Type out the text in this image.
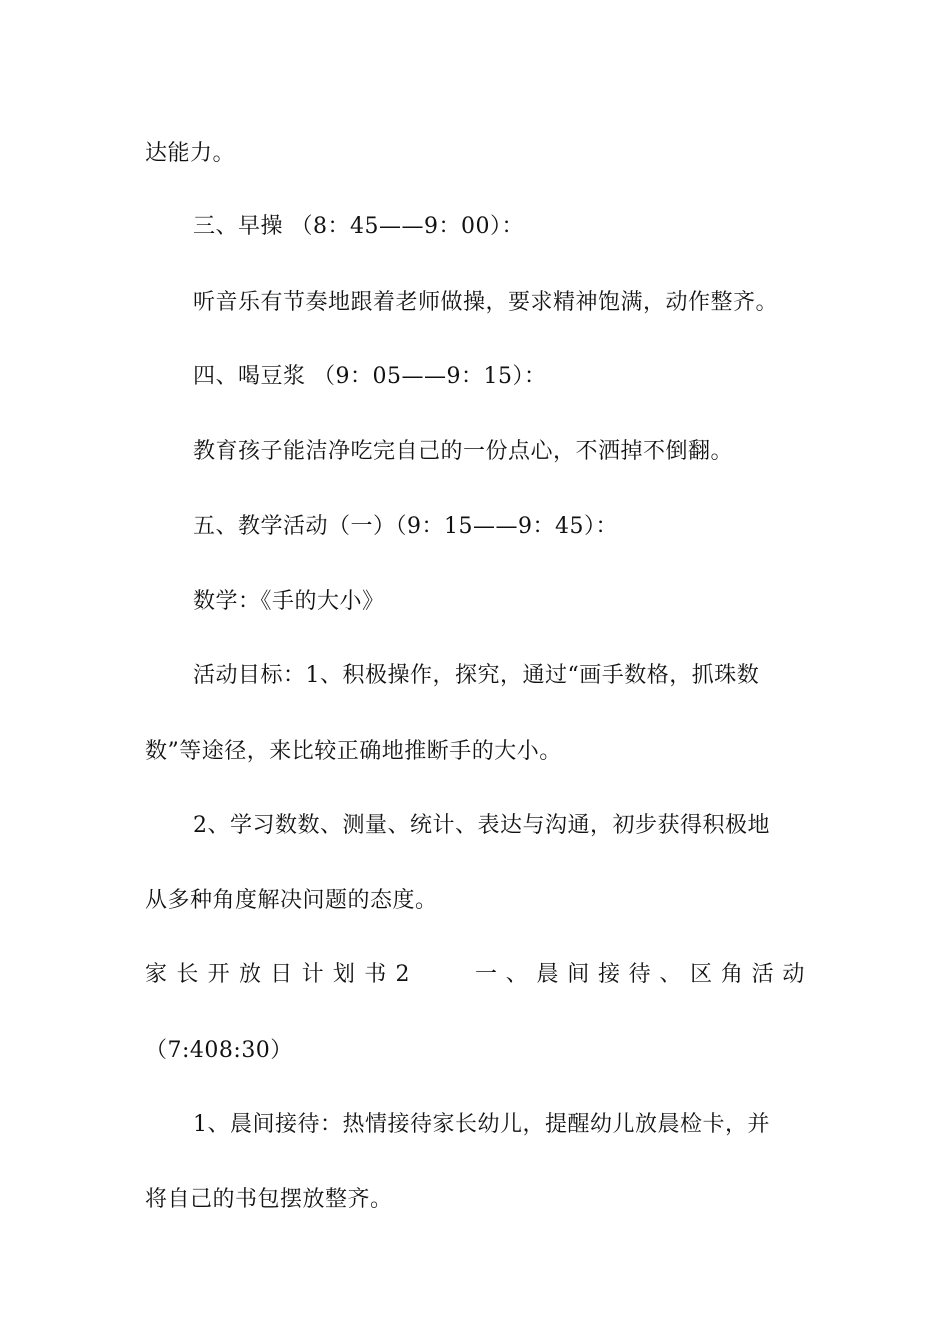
达能力。
三、早操 （8：45——9：00）：
听音乐有节奏地跟着老师做操，要求精神饱满，动作整齐。
四、喝豆浆 （9：05——9：15）：
教育孩子能洁净吃完自己的一份点心，不洒掉不倒翻。
五、教学活动（一）（9：15——9：45）：
数学：《手的大小》
活动目标：1、积极操作，探究，通过“画手数格，抓珠数
数”等途径，来比较正确地推断手的大小。
2、学习数数、测量、统计、表达与沟通，初步获得积极地
从多种角度解决问题的态度。
家 长 开 放 日 计 划 书 2	一 、 晨 间 接 待 、 区 角 活 动
（7:408:30）
1、晨间接待：热情接待家长幼儿，提醒幼儿放晨检卡，并
将自己的书包摆放整齐。
